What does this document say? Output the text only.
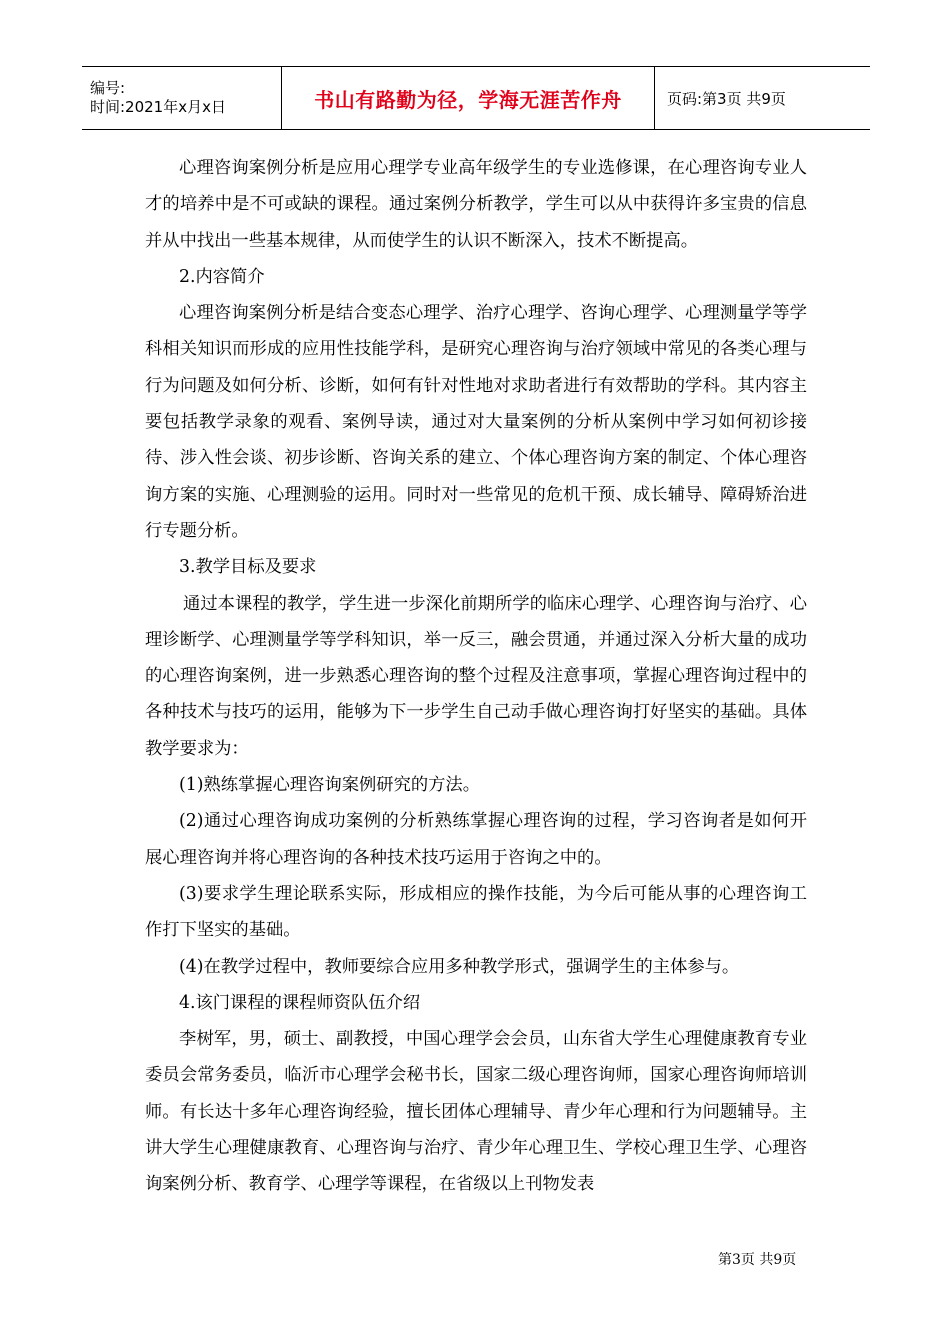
编号:
时间:2021年x月x日	书山有路勤为径，学海无涯苦作舟	页码:第3页 共9页

心理咨询案例分析是应用心理学专业高年级学生的专业选修课，在心理咨询专业人才的培养中是不可或缺的课程。通过案例分析教学，学生可以从中获得许多宝贵的信息并从中找出一些基本规律，从而使学生的认识不断深入，技术不断提高。

2.内容简介

心理咨询案例分析是结合变态心理学、治疗心理学、咨询心理学、心理测量学等学科相关知识而形成的应用性技能学科，是研究心理咨询与治疗领域中常见的各类心理与行为问题及如何分析、诊断，如何有针对性地对求助者进行有效帮助的学科。其内容主要包括教学录象的观看、案例导读，通过对大量案例的分析从案例中学习如何初诊接待、涉入性会谈、初步诊断、咨询关系的建立、个体心理咨询方案的制定、个体心理咨询方案的实施、心理测验的运用。同时对一些常见的危机干预、成长辅导、障碍矫治进行专题分析。

3.教学目标及要求

通过本课程的教学，学生进一步深化前期所学的临床心理学、心理咨询与治疗、心理诊断学、心理测量学等学科知识，举一反三，融会贯通，并通过深入分析大量的成功的心理咨询案例，进一步熟悉心理咨询的整个过程及注意事项，掌握心理咨询过程中的各种技术与技巧的运用，能够为下一步学生自己动手做心理咨询打好坚实的基础。具体教学要求为：

(1)熟练掌握心理咨询案例研究的方法。

(2)通过心理咨询成功案例的分析熟练掌握心理咨询的过程，学习咨询者是如何开展心理咨询并将心理咨询的各种技术技巧运用于咨询之中的。

(3)要求学生理论联系实际，形成相应的操作技能，为今后可能从事的心理咨询工作打下坚实的基础。

(4)在教学过程中，教师要综合应用多种教学形式，强调学生的主体参与。

4.该门课程的课程师资队伍介绍

李树军，男，硕士、副教授，中国心理学会会员，山东省大学生心理健康教育专业委员会常务委员，临沂市心理学会秘书长，国家二级心理咨询师，国家心理咨询师培训师。有长达十多年心理咨询经验，擅长团体心理辅导、青少年心理和行为问题辅导。主讲大学生心理健康教育、心理咨询与治疗、青少年心理卫生、学校心理卫生学、心理咨询案例分析、教育学、心理学等课程，在省级以上刊物发表

第3页 共9页
